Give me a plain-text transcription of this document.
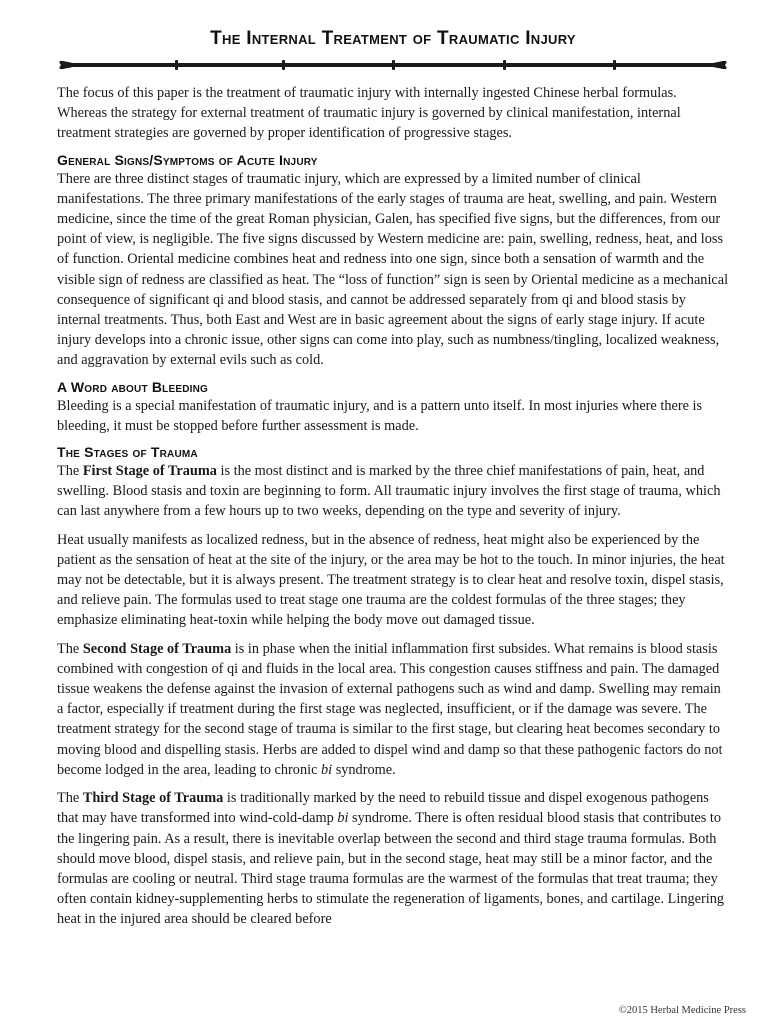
The Internal Treatment of Traumatic Injury

The focus of this paper is the treatment of traumatic injury with internally ingested Chinese herbal formulas. Whereas the strategy for external treatment of traumatic injury is governed by clinical manifestation, internal treatment strategies are governed by proper identification of progressive stages.

General Signs/Symptoms of Acute Injury

There are three distinct stages of traumatic injury, which are expressed by a limited number of clinical manifestations. The three primary manifestations of the early stages of trauma are heat, swelling, and pain. Western medicine, since the time of the great Roman physician, Galen, has specified five signs, but the differences, from our point of view, is negligible. The five signs discussed by Western medicine are: pain, swelling, redness, heat, and loss of function. Oriental medicine combines heat and redness into one sign, since both a sensation of warmth and the visible sign of redness are classified as heat. The “loss of function” sign is seen by Oriental medicine as a mechanical consequence of significant qi and blood stasis, and cannot be addressed separately from qi and blood stasis by internal treatments. Thus, both East and West are in basic agreement about the signs of early stage injury. If acute injury develops into a chronic issue, other signs can come into play, such as numbness/tingling, localized weakness, and aggravation by external evils such as cold.

A Word about Bleeding

Bleeding is a special manifestation of traumatic injury, and is a pattern unto itself. In most injuries where there is bleeding, it must be stopped before further assessment is made.

The Stages of Trauma

The First Stage of Trauma is the most distinct and is marked by the three chief manifestations of pain, heat, and swelling. Blood stasis and toxin are beginning to form. All traumatic injury involves the first stage of trauma, which can last anywhere from a few hours up to two weeks, depending on the type and severity of injury.

Heat usually manifests as localized redness, but in the absence of redness, heat might also be experienced by the patient as the sensation of heat at the site of the injury, or the area may be hot to the touch. In minor injuries, the heat may not be detectable, but it is always present. The treatment strategy is to clear heat and resolve toxin, dispel stasis, and relieve pain. The formulas used to treat stage one trauma are the coldest formulas of the three stages; they emphasize eliminating heat-toxin while helping the body move out damaged tissue.

The Second Stage of Trauma is in phase when the initial inflammation first subsides. What remains is blood stasis combined with congestion of qi and fluids in the local area. This congestion causes stiffness and pain. The damaged tissue weakens the defense against the invasion of external pathogens such as wind and damp. Swelling may remain a factor, especially if treatment during the first stage was neglected, insufficient, or if the damage was severe. The treatment strategy for the second stage of trauma is similar to the first stage, but clearing heat becomes secondary to moving blood and dispelling stasis. Herbs are added to dispel wind and damp so that these pathogenic factors do not become lodged in the area, leading to chronic bi syndrome.

The Third Stage of Trauma is traditionally marked by the need to rebuild tissue and dispel exogenous pathogens that may have transformed into wind-cold-damp bi syndrome. There is often residual blood stasis that contributes to the lingering pain. As a result, there is inevitable overlap between the second and third stage trauma formulas. Both should move blood, dispel stasis, and relieve pain, but in the second stage, heat may still be a minor factor, and the formulas are cooling or neutral. Third stage trauma formulas are the warmest of the formulas that treat trauma; they often contain kidney-supplementing herbs to stimulate the regeneration of ligaments, bones, and cartilage. Lingering heat in the injured area should be cleared before

©2015 Herbal Medicine Press
